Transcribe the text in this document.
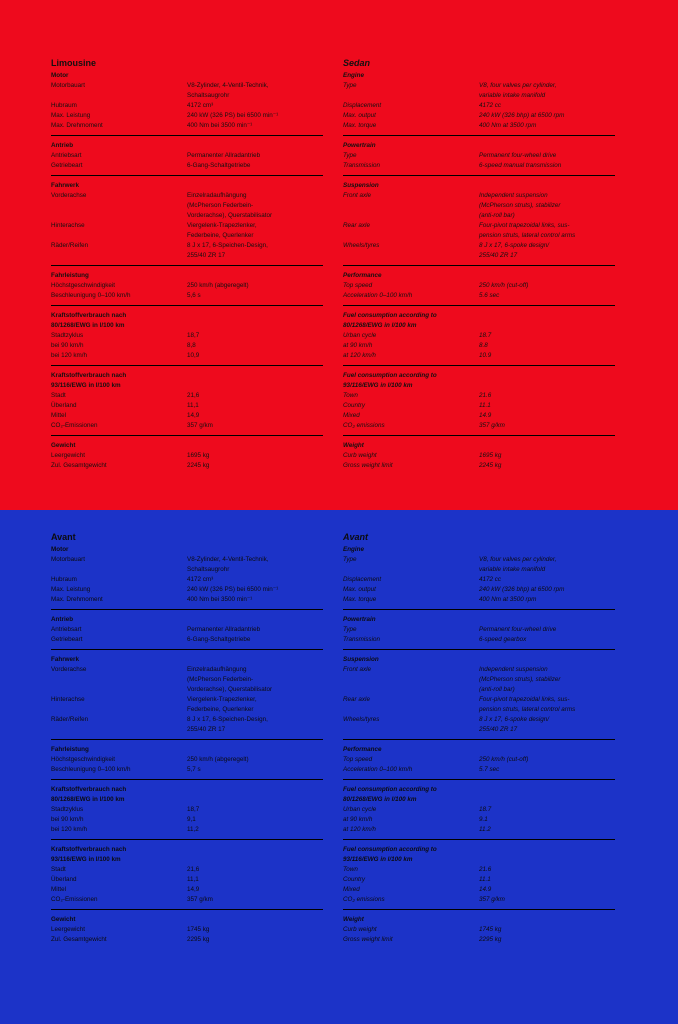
Limousine
Motor
Motorbauart	V8-Zylinder, 4-Ventil-Technik,
Schaltsaugrohr
Hubraum	4172 cm³
Max. Leistung	240 kW (326 PS) bei 6500 min⁻¹
Max. Drehmoment	400 Nm bei 3500 min⁻¹
Antrieb
Antriebsart	Permanenter Allradantrieb
Getriebeart	6-Gang-Schaltgetriebe
Fahrwerk
Vorderachse	Einzelradaufhängung
(McPherson Federbein-
Vorderachse), Querstabilisator
Hinterachse	Viergelenk-Trapezlenker,
Federbeine, Querlenker
Räder/Reifen	8 J x 17, 6-Speichen-Design,
255/40 ZR 17
Fahrleistung
Höchstgeschwindigkeit	250 km/h (abgeregelt)
Beschleunigung 0–100 km/h	5,6 s
Kraftstoffverbrauch nach
80/1268/EWG in l/100 km
Stadtzyklus	18,7
bei 90 km/h	8,8
bei 120 km/h	10,9
Kraftstoffverbrauch nach
93/116/EWG in l/100 km
Stadt	21,6
Überland	11,1
Mittel	14,9
CO₂-Emissionen	357 g/km
Gewicht
Leergewicht	1695 kg
Zul. Gesamtgewicht	2245 kg
Sedan
Engine
Type	V8, four valves per cylinder,
variable intake manifold
Displacement	4172 cc
Max. output	240 kW (326 bhp) at 6500 rpm
Max. torque	400 Nm at 3500 rpm
Powertrain
Type	Permanent four-wheel drive
Transmission	6-speed manual transmission
Suspension
Front axle	Independent suspension
(McPherson struts), stabilizer
(anti-roll bar)
Rear axle	Four-pivot trapezoidal links, sus-
pension struts, lateral control arms
Wheels/tyres	8 J x 17, 6-spoke design/
255/40 ZR 17
Performance
Top speed	250 km/h (cut-off)
Acceleration 0–100 km/h	5.6 sec
Fuel consumption according to
80/1268/EWG in l/100 km
Urban cycle	18.7
at 90 km/h	8.8
at 120 km/h	10.9
Fuel consumption according to
93/116/EWG in l/100 km
Town	21.6
Country	11.1
Mixed	14.9
CO₂ emissions	357 g/km
Weight
Curb weight	1695 kg
Gross weight limit	2245 kg
Avant
Motor
Motorbauart	V8-Zylinder, 4-Ventil-Technik,
Schaltsaugrohr
Hubraum	4172 cm³
Max. Leistung	240 kW (326 PS) bei 6500 min⁻¹
Max. Drehmoment	400 Nm bei 3500 min⁻¹
Antrieb
Antriebsart	Permanenter Allradantrieb
Getriebeart	6-Gang-Schaltgetriebe
Fahrwerk
Vorderachse	Einzelradaufhängung
(McPherson Federbein-
Vorderachse), Querstabilisator
Hinterachse	Viergelenk-Trapezlenker,
Federbeine, Querlenker
Räder/Reifen	8 J x 17, 6-Speichen-Design,
255/40 ZR 17
Fahrleistung
Höchstgeschwindigkeit	250 km/h (abgeregelt)
Beschleunigung 0–100 km/h	5,7 s
Kraftstoffverbrauch nach
80/1268/EWG in l/100 km
Stadtzyklus	18,7
bei 90 km/h	9,1
bei 120 km/h	11,2
Kraftstoffverbrauch nach
93/116/EWG in l/100 km
Stadt	21,6
Überland	11,1
Mittel	14,9
CO₂-Emissionen	357 g/km
Gewicht
Leergewicht	1745 kg
Zul. Gesamtgewicht	2295 kg
Avant
Engine
Type	V8, four valves per cylinder,
variable intake manifold
Displacement	4172 cc
Max. output	240 kW (326 bhp) at 6500 rpm
Max. torque	400 Nm at 3500 rpm
Powertrain
Type	Permanent four-wheel drive
Transmission	6-speed gearbox
Suspension
Front axle	Independent suspension
(McPherson struts), stabilizer
(anti-roll bar)
Rear axle	Four-pivot trapezoidal links, sus-
pension struts, lateral control arms
Wheels/tyres	8 J x 17, 6-spoke design/
255/40 ZR 17
Performance
Top speed	250 km/h (cut-off)
Acceleration 0–100 km/h	5.7 sec
Fuel consumption according to
80/1268/EWG in l/100 km
Urban cycle	18.7
at 90 km/h	9.1
at 120 km/h	11.2
Fuel consumption according to
93/116/EWG in l/100 km
Town	21.6
Country	11.1
Mixed	14.9
CO₂ emissions	357 g/km
Weight
Curb weight	1745 kg
Gross weight limit	2295 kg
